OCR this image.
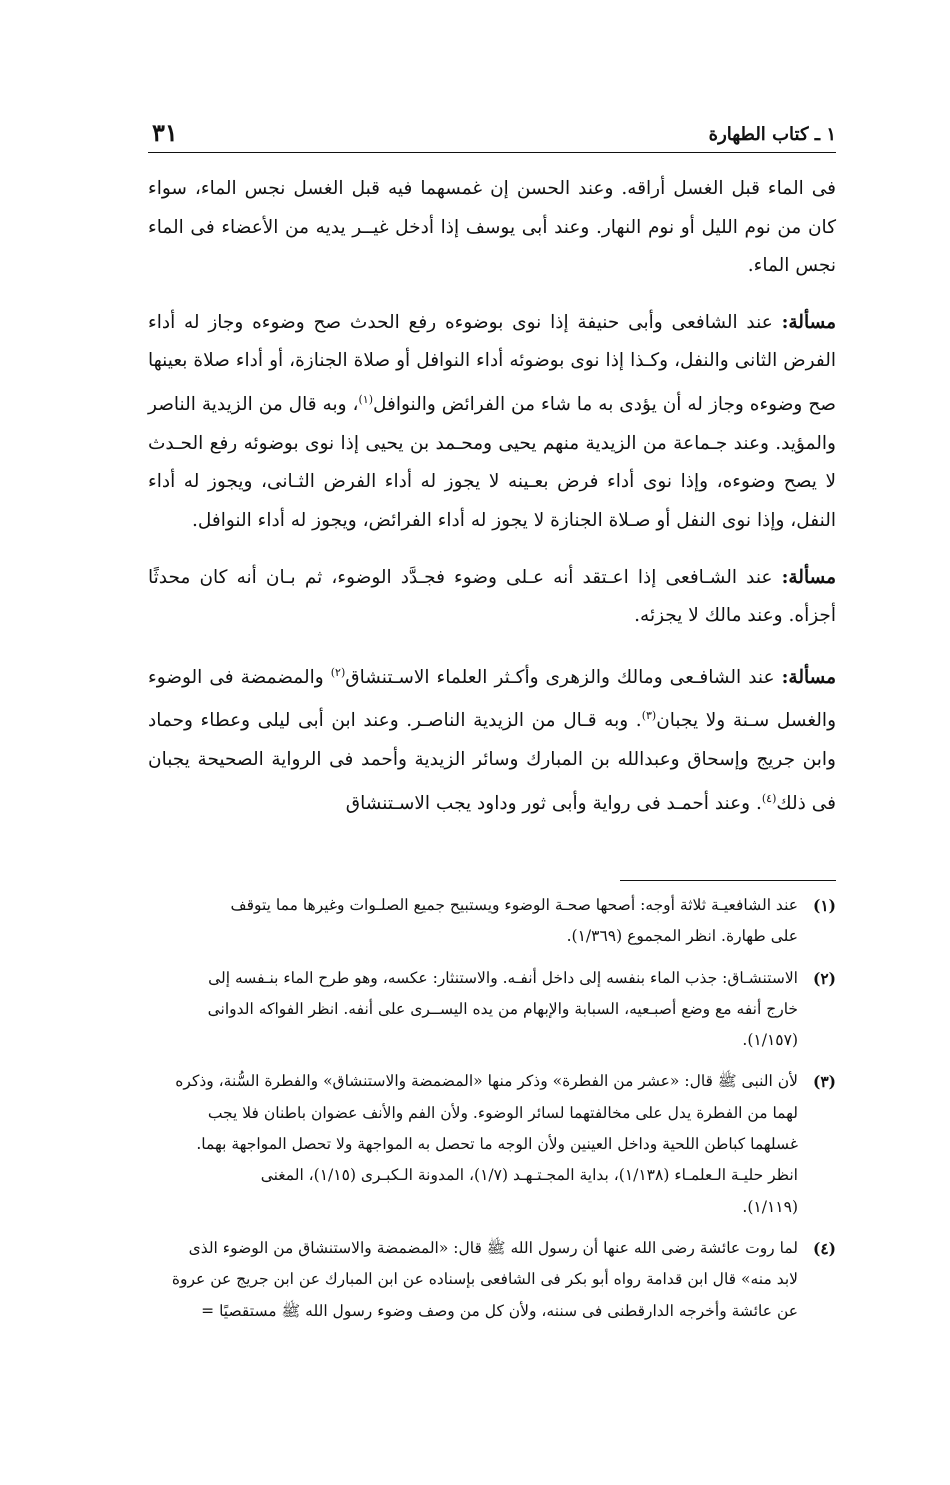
١ ـ كتاب الطهارة
٣١

فى الماء قبل الغسل أراقه. وعند الحسن إن غمسهما فيه قبل الغسل نجس الماء، سواء كان من نوم الليل أو نوم النهار. وعند أبى يوسف إذا أدخل غيــر يديه من الأعضاء فى الماء نجس الماء.

مسألة: عند الشافعى وأبى حنيفة إذا نوى بوضوءه رفع الحدث صح وضوءه وجاز له أداء الفرض الثانى والنفل، وكـذا إذا نوى بوضوئه أداء النوافل أو صلاة الجنازة، أو أداء صلاة بعينها صح وضوءه وجاز له أن يؤدى به ما شاء من الفرائض والنوافل$^{(١)}$، وبه قال من الزيدية الناصر والمؤيد. وعند جـماعة من الزيدية منهم يحيى ومحـمد بن يحيى إذا نوى بوضوئه رفع الحـدث لا يصح وضوءه، وإذا نوى أداء فرض بعـينه لا يجوز له أداء الفرض الثـانى، ويجوز له أداء النفل، وإذا نوى النفل أو صـلاة الجنازة لا يجوز له أداء الفرائض، ويجوز له أداء النوافل.

مسألة: عند الشـافعى إذا اعـتقد أنه عـلى وضوء فجـدَّد الوضوء، ثم بـان أنه كان محدثًا أجزأه. وعند مالك لا يجزئه.

مسألة: عند الشافـعى ومالك والزهرى وأكـثر العلماء الاسـتنشاق$^{(٢)}$ والمضمضة فى الوضوء والغسل سـنة ولا يجبان$^{(٣)}$. وبه قـال من الزيدية الناصـر. وعند ابن أبى ليلى وعطاء وحماد وابن جريج وإسحاق وعبدالله بن المبارك وسائر الزيدية وأحمد فى الرواية الصحيحة يجبان فى ذلك$^{(٤)}$. وعند أحمـد فى رواية وأبى ثور وداود يجب الاسـتنشاق

(١)
عند الشافعيـة ثلاثة أوجه: أصحها صحـة الوضوء ويستبيح جميع الصلـوات وغيرها مما يتوقف
على طهارة. انظر المجموع (١/٣٦٩).
(٢)
الاستنشـاق: جذب الماء بنفسه إلى داخل أنفـه. والاستنثار: عكسه، وهو طرح الماء بنـفسه إلى
خارج أنفه مع وضع أصبـعيه، السبابة والإبهام من يده اليســرى على أنفه. انظر الفواكه الدوانى
(١/١٥٧).
(٣)
لأن النبى ﷺ قال: «عشر من الفطرة» وذكر منها «المضمضة والاستنشاق» والفطرة السُّنة، وذكره
لهما من الفطرة يدل على مخالفتهما لسائر الوضوء. ولأن الفم والأنف عضوان باطنان فلا يجب
غسلهما كباطن اللحية وداخل العينين ولأن الوجه ما تحصل به المواجهة ولا تحصل المواجهة بهما.
انظر حليـة الـعلمـاء (١/١٣٨)، بداية المجـتـهـد (١/٧)، المدونة الـكبـرى (١/١٥)، المغنى
(١/١١٩).
(٤)
لما روت عائشة رضى الله عنها أن رسول الله ﷺ قال: «المضمضة والاستنشاق من الوضوء الذى
لابد منه» قال ابن قدامة رواه أبو بكر فى الشافعى بإسناده عن ابن المبارك عن ابن جريج عن عروة
عن عائشة وأخرجه الدارقطنى فى سننه، ولأن كل من وصف وضوء رسول الله ﷺ مستقصيًا =
